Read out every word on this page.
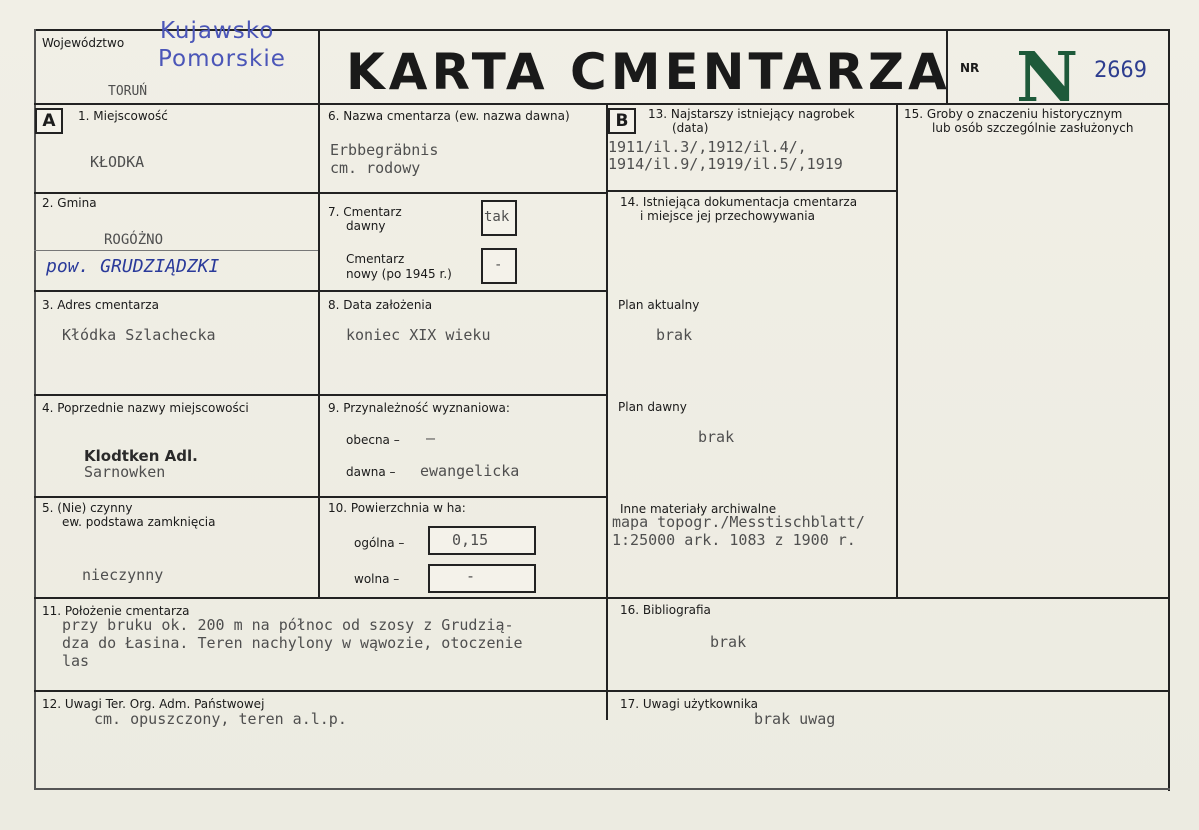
Województwo Kujawsko
Pomorskie
TORUŃ	KARTA CMENTARZA NR N 2669
A	1. Miejscowość
KŁODKA
2. Gmina
ROGÓŻNO
pow. GRUDZIĄDZKI
3. Adres cmentarza
Kłódka Szlachecka
4. Poprzednie nazwy miejscowości
Klodtken Adl.
Sarnowken
5. (Nie) czynny
ew. podstawa zamknięcia
nieczynny
6. Nazwa cmentarza (ew. nazwa dawna)
Erbbegräbnis
cm. rodowy
7. Cmentarz
dawny
tak
Cmentarz
nowy (po 1945 r.)
-
8. Data założenia
koniec XIX wieku
9. Przynależność wyznaniowa:
obecna – –
dawna – ewangelicka
10. Powierzchnia w ha:
ogólna –	0,15
wolna –	-
B	13. Najstarszy istniejący nagrobek
(data)
1911/il.3/,1912/il.4/,
1914/il.9/,1919/il.5/,1919
14. Istniejąca dokumentacja cmentarza
i miejsce jej przechowywania
Plan aktualny
brak
Plan dawny
brak
Inne materiały archiwalne
mapa topogr./Messtischblatt/
1:25000 ark. 1083 z 1900 r.
15. Groby o znaczeniu historycznym
lub osób szczególnie zasłużonych
11. Położenie cmentarza
przy bruku ok. 200 m na północ od szosy z Grudzią-
dza do Łasina. Teren nachylony w wąwozie, otoczenie
las
16. Bibliografia
brak
12. Uwagi Ter. Org. Adm. Państwowej
cm. opuszczony, teren a.l.p.
17. Uwagi użytkownika
brak uwag
